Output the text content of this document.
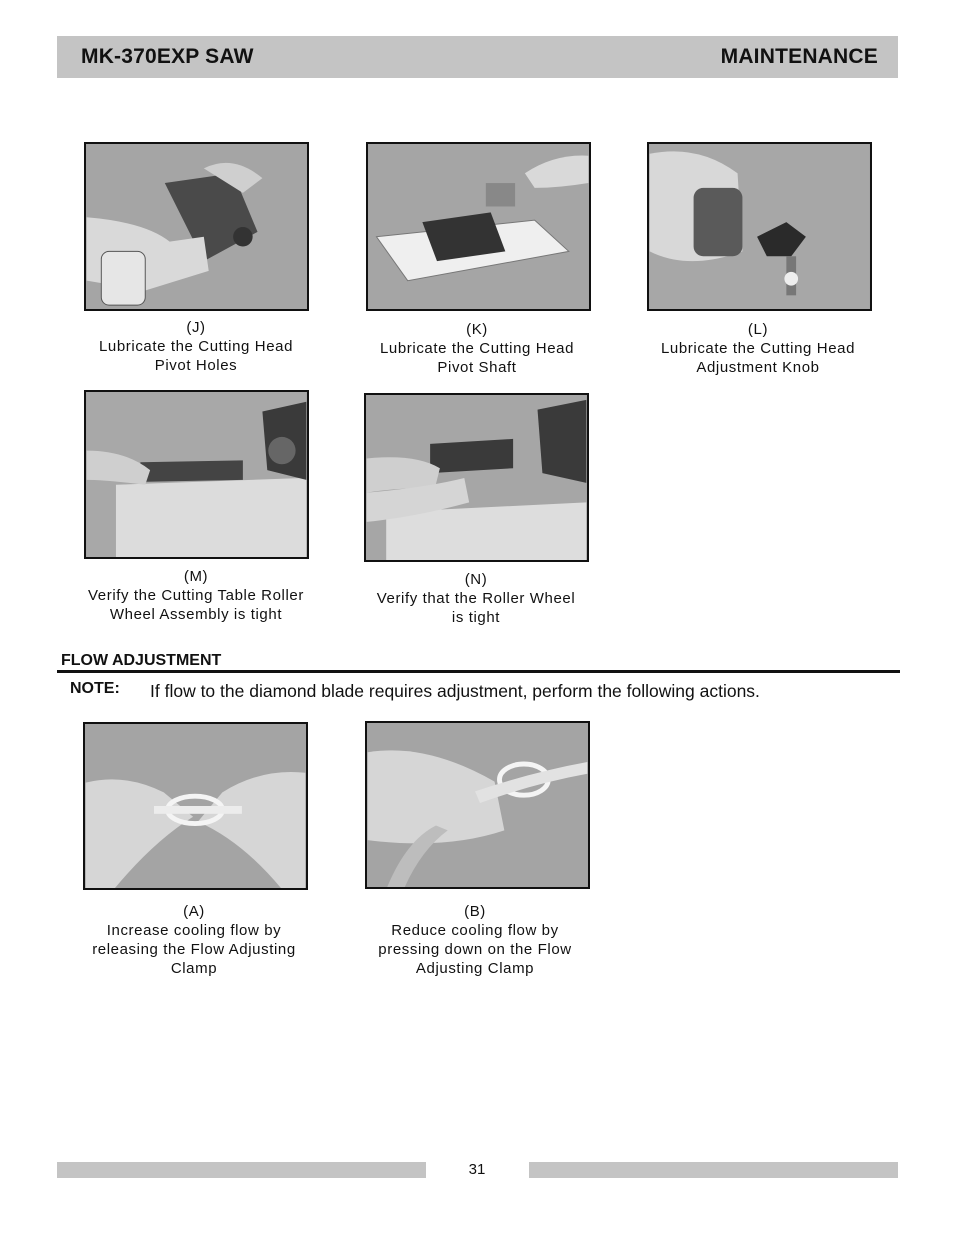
MK-370EXP SAW	MAINTENANCE
(J)
Lubricate the Cutting Head
Pivot Holes
(K)
Lubricate the Cutting Head
Pivot Shaft
(L)
Lubricate the Cutting Head
Adjustment Knob
(M)
Verify the Cutting Table Roller
Wheel Assembly is tight
(N)
Verify that the Roller Wheel
is tight
FLOW ADJUSTMENT
NOTE: If flow to the diamond blade requires adjustment, perform the following actions.
(A)
Increase cooling flow by
releasing the Flow Adjusting
Clamp
(B)
Reduce cooling flow by
pressing down on the Flow
Adjusting Clamp
31
